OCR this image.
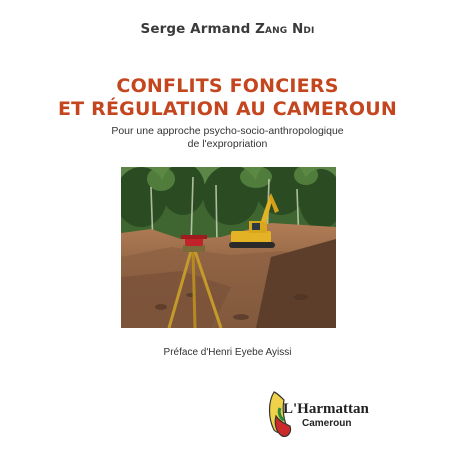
Serge Armand Zang Ndi
CONFLITS FONCIERS
ET RÉGULATION AU CAMEROUN
Pour une approche psycho-socio-anthropologique
de l'expropriation
Préface d'Henri Eyebe Ayissi
L'Harmattan
Cameroun
